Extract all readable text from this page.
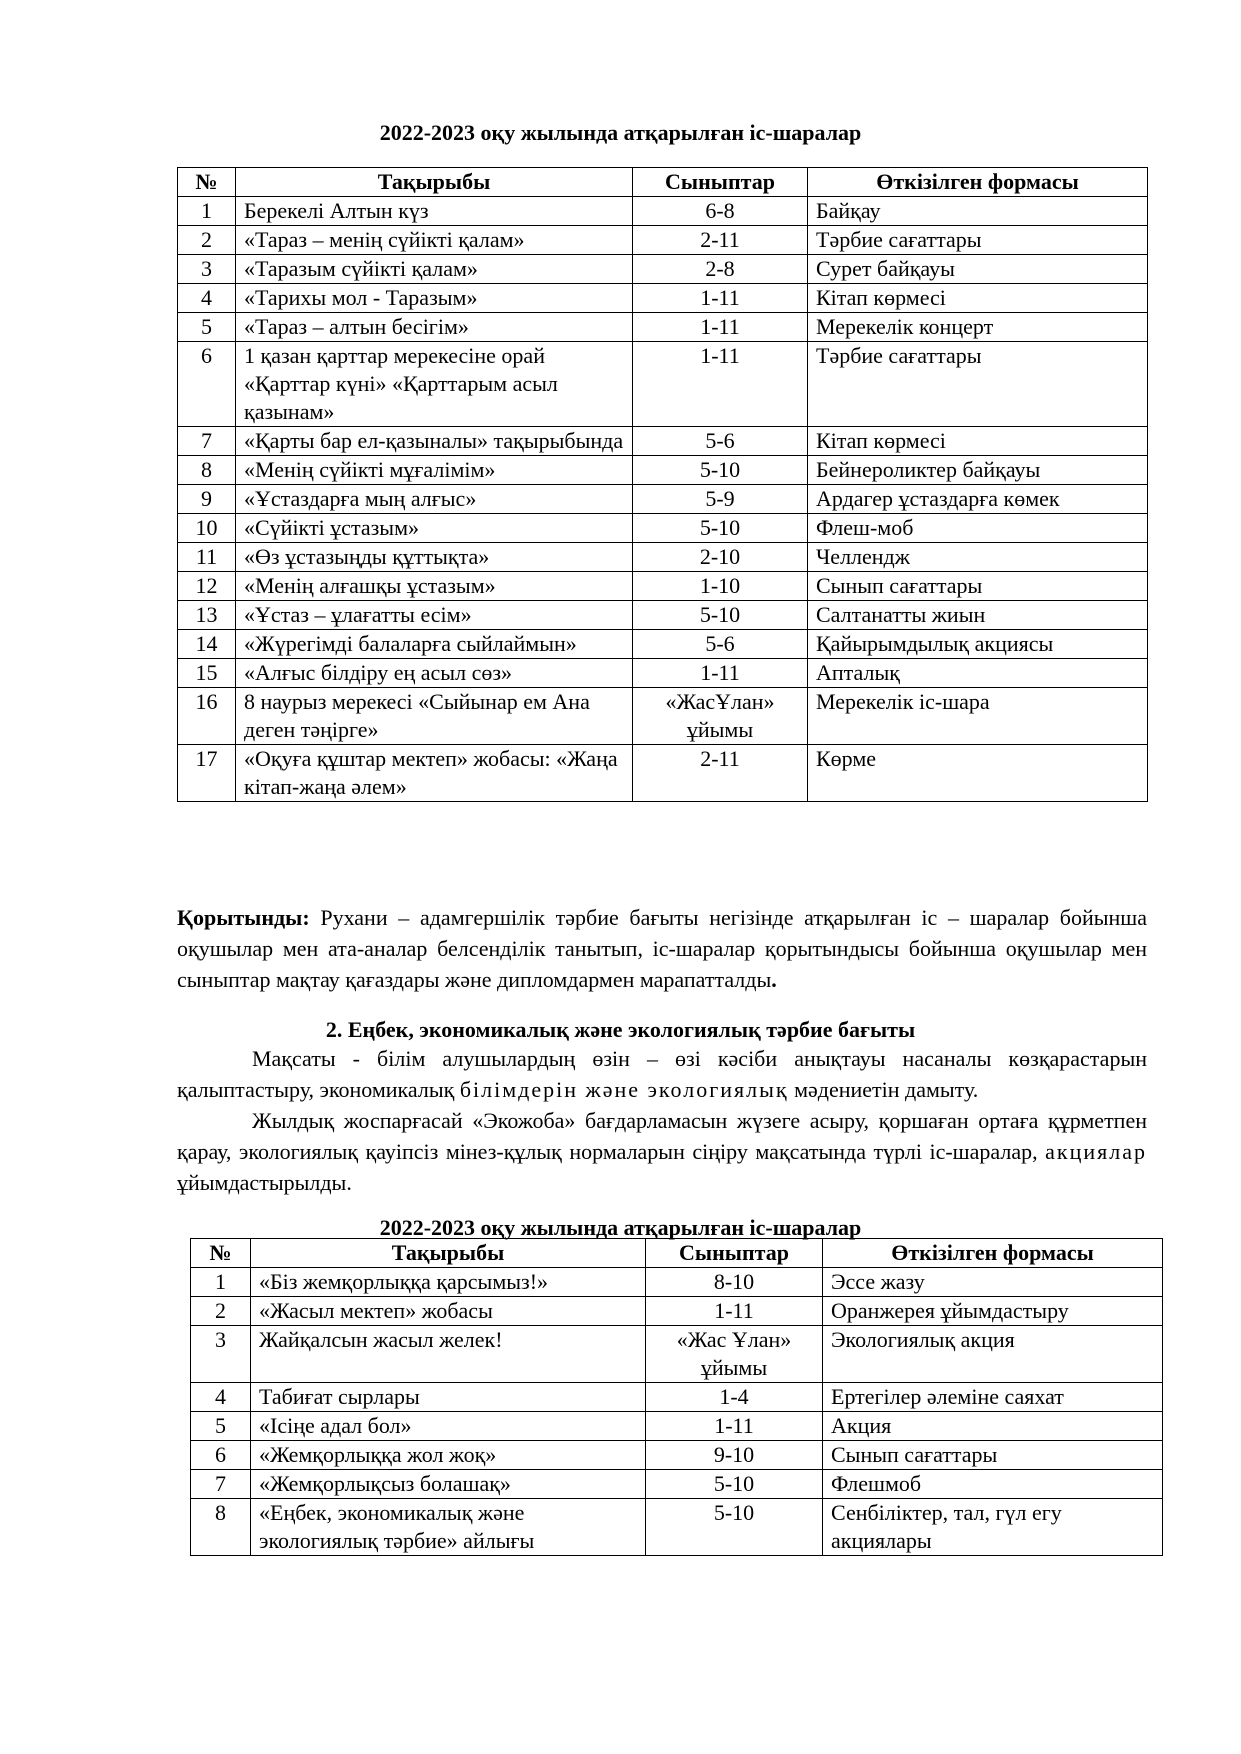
2022-2023 оқу жылында атқарылған іс-шаралар
№	Тақырыбы	Сыныптар	Өткізілген формасы
1	Берекелі Алтын күз	6-8	Байқау
2	«Тараз – менің сүйікті қалам»	2-11	Тәрбие сағаттары
3	«Таразым сүйікті қалам»	2-8	Сурет байқауы
4	«Тарихы мол - Таразым»	1-11	Кітап көрмесі
5	«Тараз – алтын бесігім»	1-11	Мерекелік концерт
6	1 қазан қарттар мерекесіне орай «Қарттар күні» «Қарттарым асыл қазынам»	1-11	Тәрбие сағаттары
7	«Қарты бар ел-қазыналы» тақырыбында	5-6	Кітап көрмесі
8	«Менің сүйікті мұғалімім»	5-10	Бейнероликтер байқауы
9	«Ұстаздарға мың алғыс»	5-9	Ардагер ұстаздарға көмек
10	«Сүйікті ұстазым»	5-10	Флеш-моб
11	«Өз ұстазыңды құттықта»	2-10	Челлендж
12	«Менің алғашқы ұстазым»	1-10	Сынып сағаттары
13	«Ұстаз – ұлағатты есім»	5-10	Салтанатты жиын
14	«Жүрегімді балаларға сыйлаймын»	5-6	Қайырымдылық акциясы
15	«Алғыс білдіру ең асыл сөз»	1-11	Апталық
16	8 наурыз мерекесі «Сыйынар ем Ана деген тәңірге»	«ЖасҰлан» ұйымы	Мерекелік іс-шара
17	«Оқуға құштар мектеп» жобасы: «Жаңа кітап-жаңа әлем»	2-11	Көрме
Қорытынды: Рухани – адамгершілік тәрбие бағыты негізінде атқарылған іс – шаралар бойынша оқушылар мен ата-аналар белсенділік танытып, іс-шаралар қорытындысы бойынша оқушылар мен сыныптар мақтау қағаздары және дипломдармен марапатталды.
2. Еңбек, экономикалық және экологиялық тәрбие бағыты
Мақсаты - білім алушылардың өзін – өзі кәсіби анықтауы насаналы көзқарастарын қалыптастыру, экономикалық білімдерін және экологиялық мәдениетін дамыту.
Жылдық жоспарғасай «Экожоба» бағдарламасын жүзеге асыру, қоршаған ортаға құрметпен қарау, экологиялық қауіпсіз мінез-құлық нормаларын сіңіру мақсатында түрлі іс-шаралар, акциялар ұйымдастырылды.
2022-2023 оқу жылында атқарылған іс-шаралар
№	Тақырыбы	Сыныптар	Өткізілген формасы
1	«Біз жемқорлыққа қарсымыз!»	8-10	Эссе жазу
2	«Жасыл мектеп» жобасы	1-11	Оранжерея ұйымдастыру
3	Жайқалсын жасыл желек!	«Жас Ұлан» ұйымы	Экологиялық акция
4	Табиғат сырлары	1-4	Ертегілер әлеміне саяхат
5	«Ісіңе адал бол»	1-11	Акция
6	«Жемқорлыққа жол жоқ»	9-10	Сынып сағаттары
7	«Жемқорлықсыз болашақ»	5-10	Флешмоб
8	«Еңбек, экономикалық және экологиялық тәрбие» айлығы	5-10	Сенбіліктер, тал, гүл егу акциялары
